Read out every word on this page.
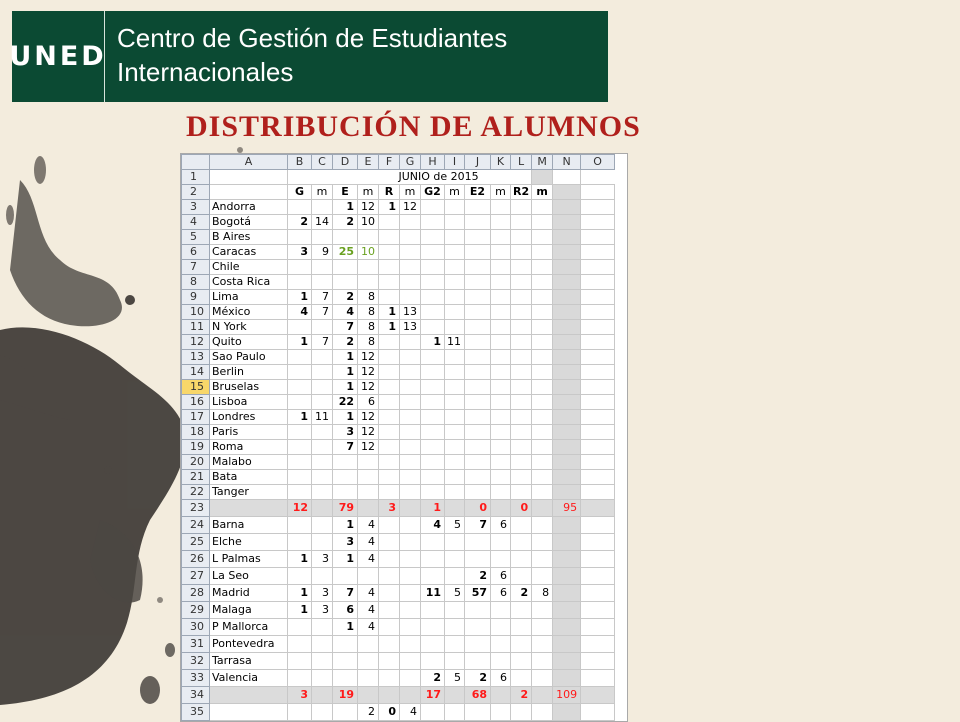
UNED
Centro de Gestión de Estudiantes
Internacionales
DISTRIBUCIÓN DE ALUMNOS
	A	B	C	D	E	F	G	H	I	J	K	L	M	N	O
1		JUNIO de 2015													
2		G	m	E	m	R	m	G2	m	E2	m	R2	m		
3	Andorra			1	12	1	12								
4	Bogotá	2	14	2	10										
5	B Aires														
6	Caracas	3	9	25	10										
7	Chile														
8	Costa Rica														
9	Lima	1	7	2	8										
10	México	4	7	4	8	1	13								
11	N York			7	8	1	13								
12	Quito	1	7	2	8			1	11						
13	Sao Paulo			1	12										
14	Berlin			1	12										
15	Bruselas			1	12										
16	Lisboa			22	6										
17	Londres	1	11	1	12										
18	Paris			3	12										
19	Roma			7	12										
20	Malabo														
21	Bata														
22	Tanger														
23		12		79		3		1		0		0		95	
24	Barna			1	4			4	5	7	6				
25	Elche			3	4										
26	L Palmas	1	3	1	4										
27	La Seo									2	6				
28	Madrid	1	3	7	4			11	5	57	6	2	8		
29	Malaga	1	3	6	4										
30	P Mallorca			1	4										
31	Pontevedra														
32	Tarrasa														
33	Valencia							2	5	2	6				
34		3		19				17		68		2		109	
35					2	0	4								
